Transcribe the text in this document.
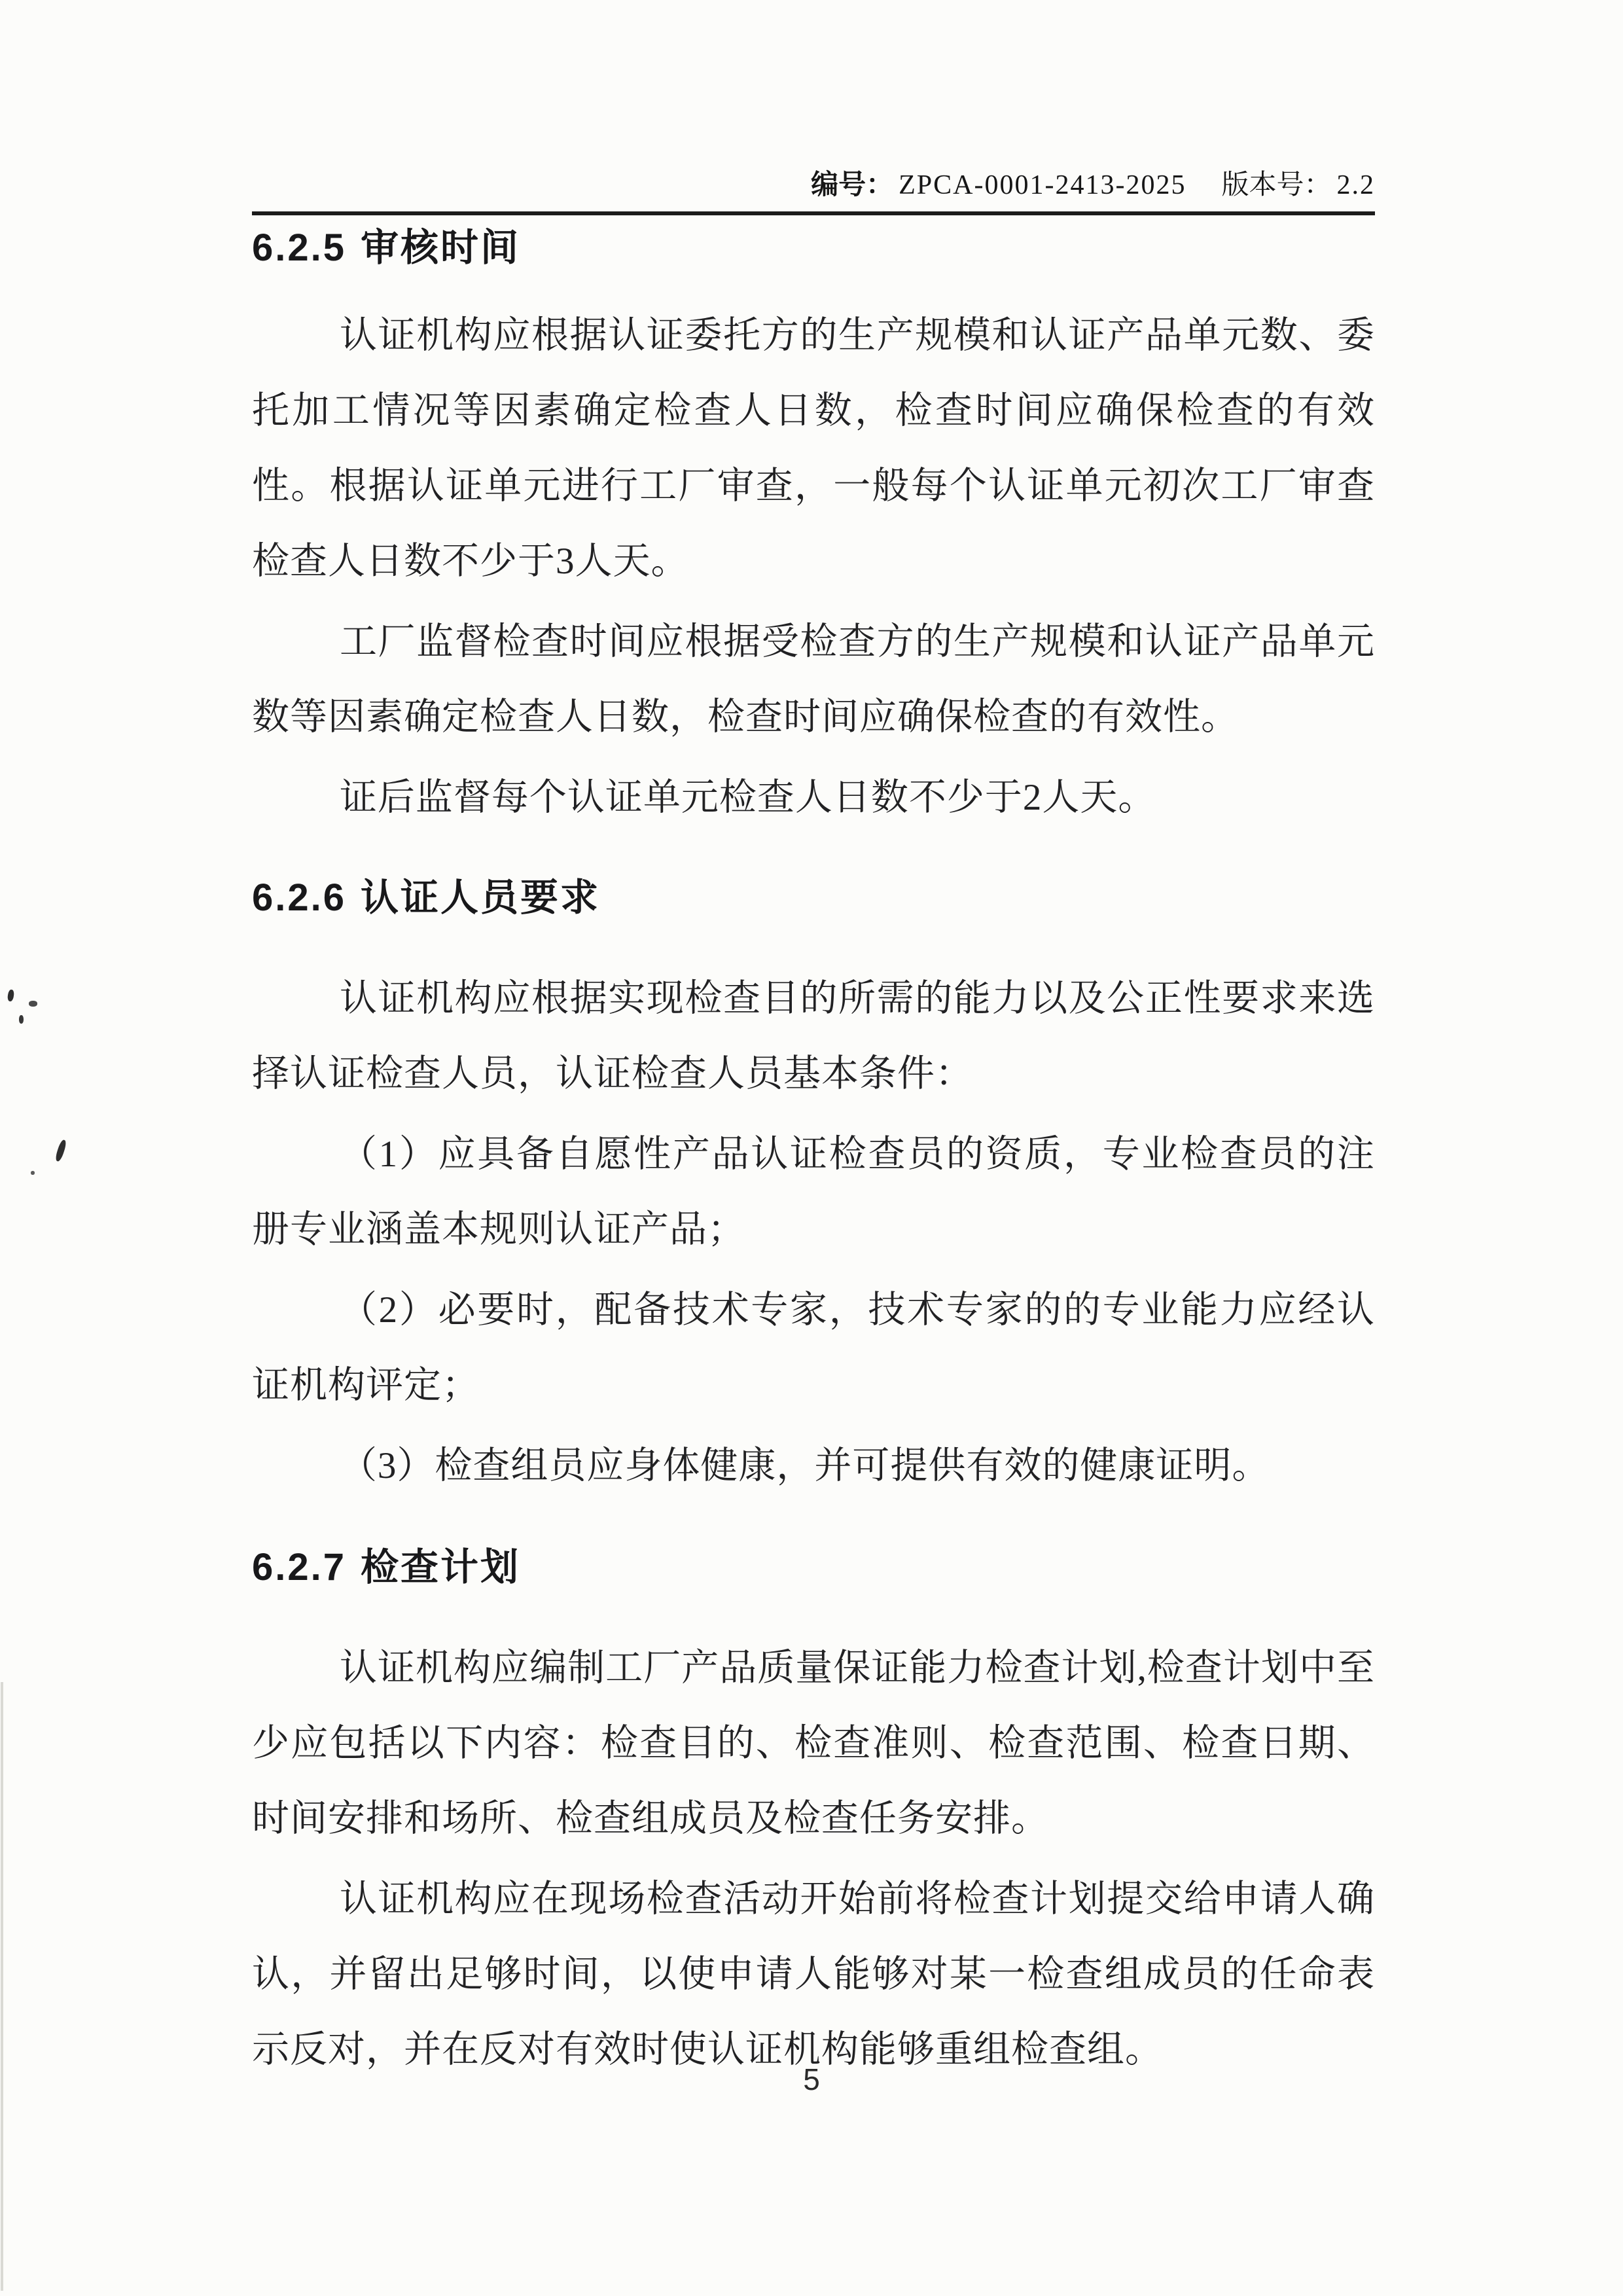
编号： ZPCA-0001-2413-2025 版本号： 2.2
6.2.5 审核时间

认证机构应根据认证委托方的生产规模和认证产品单元数、委托加工情况等因素确定检查人日数，检查时间应确保检查的有效性。根据认证单元进行工厂审查，一般每个认证单元初次工厂审查检查人日数不少于3人天。

工厂监督检查时间应根据受检查方的生产规模和认证产品单元数等因素确定检查人日数，检查时间应确保检查的有效性。

证后监督每个认证单元检查人日数不少于2人天。

6.2.6 认证人员要求

认证机构应根据实现检查目的所需的能力以及公正性要求来选择认证检查人员，认证检查人员基本条件：

（1）应具备自愿性产品认证检查员的资质，专业检查员的注册专业涵盖本规则认证产品；

（2）必要时，配备技术专家，技术专家的的专业能力应经认证机构评定；

（3）检查组员应身体健康，并可提供有效的健康证明。

6.2.7 检查计划

认证机构应编制工厂产品质量保证能力检查计划,检查计划中至少应包括以下内容：检查目的、检查准则、检查范围、检查日期、时间安排和场所、检查组成员及检查任务安排。

认证机构应在现场检查活动开始前将检查计划提交给申请人确认，并留出足够时间，以使申请人能够对某一检查组成员的任命表示反对，并在反对有效时使认证机构能够重组检查组。

5
